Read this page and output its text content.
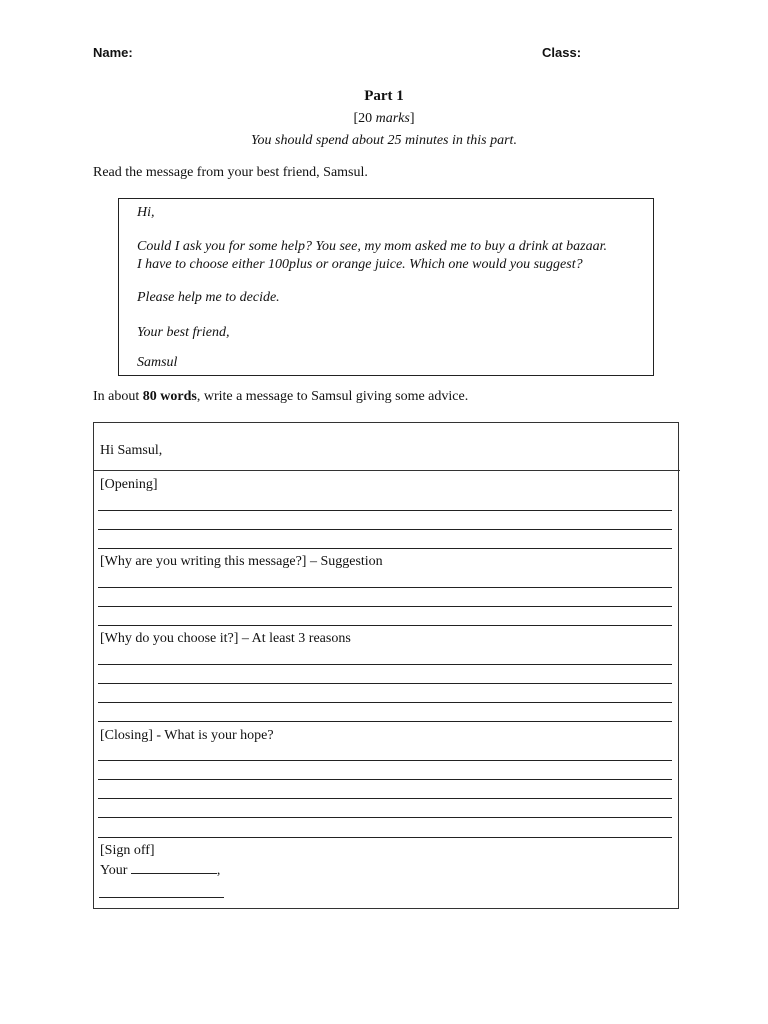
Name:	Class:
Part 1
[20 marks]
You should spend about 25 minutes in this part.
Read the message from your best friend, Samsul.
Hi,
Could I ask you for some help? You see, my mom asked me to buy a drink at bazaar.
I have to choose either 100plus or orange juice. Which one would you suggest?
Please help me to decide.
Your best friend,
Samsul
In about 80 words, write a message to Samsul giving some advice.
Hi Samsul,
[Opening]
[Why are you writing this message?] – Suggestion
[Why do you choose it?] – At least 3 reasons
[Closing] - What is your hope?
[Sign off]
Your	,
